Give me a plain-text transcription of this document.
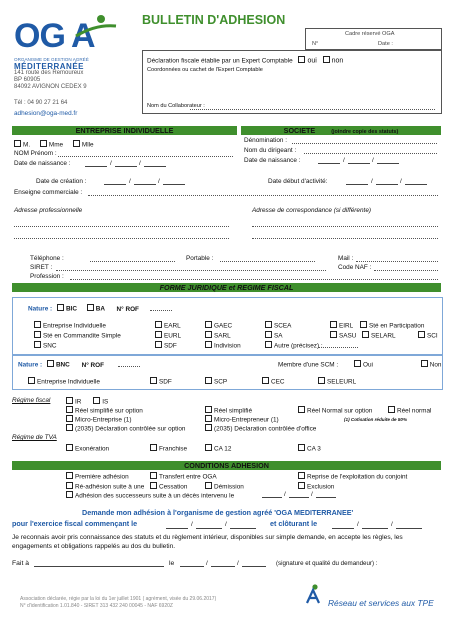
OG A
ORGANISME DE GESTION AGRÉÉ
MÉDITERRANÉE
141 route des Remoureux
BP 60905
84092 AVIGNON CEDEX 9
Tél : 04 90 27 21 64
adhesion@oga-med.fr
BULLETIN D'ADHESION
Cadre réservé OGA
N°	Date :
Déclaration fiscale établie par un Expert Comptable oui non
Coordonnées ou cachet de l'Expert Comptable
Nom du Collaborateur :
ENTREPRISE INDIVIDUELLE	SOCIETE	(joindre copie des statuts)
M.	Mme	Mlle
NOM Prénom :
Date de naissance :	/	/
Dénomination :
Nom du dirigeant :
Date de naissance :	/	/
Date de création :	/	/	Date début d'activité:	/	/
Enseigne commerciale :
Adresse professionnelle	Adresse de correspondance (si différente)
Téléphone :	Portable :	Mail :
SIRET :	Code NAF :
Profession :
FORME JURIDIQUE et REGIME FISCAL
Nature : BIC	BA N° ROF
Entreprise Individuelle	EARL	GAEC	SCEA	EIRL	Sté en Participation
Sté en Commandite Simple	EURL	SARL	SA	SASU	SELARL	SCI
SNC	SDF	Indivision	Autre (précisez) :
Nature : BNC N° ROF	Membre d'une SCM :	Oui	Non
Entreprise Individuelle	SDF	SCP	CEC	SELEURL
Régime fiscal	IR	IS
Réel simplifié sur option	Réel simplifié	Réel Normal sur option	Réel normal
Micro-Entreprise (1)	Micro-Entrepreneur (1)
(2035) Déclaration contrôlée sur option	(2035) Déclaration contrôlée d'office
(1) Cotisation réduite de 50%
Régime de TVA
Exonération	Franchise	CA 12	CA 3
CONDITIONS ADHESION
Première adhésion	Transfert entre OGA	Reprise de l'exploitation du conjoint
Ré-adhésion suite à une	Cessation	Démission	Exclusion
Adhésion des successeurs suite à un décès intervenu le	/	/
Demande mon adhésion à l'organisme de gestion agréé 'OGA MEDITERRANEE'
pour l'exercice fiscal commençant le	/	/	et clôturant le	/	/
Je reconnais avoir pris connaissance des statuts et du règlement intérieur, disponibles sur simple demande, en accepte les règles, les engagements et obligations rappelés au dos du bulletin.
Fait à	le	/	/	(signature et qualité du demandeur) :
Association déclarée, régie par la loi du 1er juillet 1901 ( agrément, visée du 29.06.2017)
N° d'identification 1.01.840 - SIRET 313 432 240 00045 - NAF 6920Z	Réseau et services aux TPE
